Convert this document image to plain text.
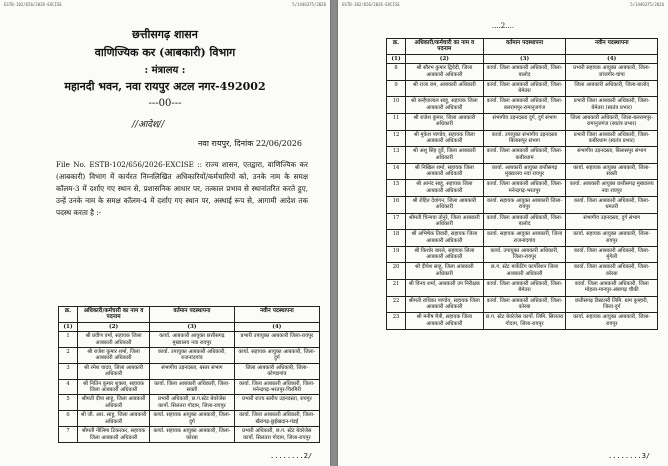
ESTB-102/656/2026-EXCISE	5/1446375/2026
छत्तीसगढ़ शासन
वाणिज्यिक कर (आबकारी) विभाग
: मंत्रालय :
महानदी भवन, नवा रायपुर अटल नगर-492002
---00---
//आदेश//
नवा रायपुर, दिनांक 22/06/2026
File No. ESTB-102/656/2026-EXCISE :: राज्य शासन, एतद्वारा, वाणिज्यिक कर (आबकारी) विभाग में कार्यरत निम्नलिखित अधिकारियों/कर्मचारियों को, उनके नाम के समक्ष कॉलम-3 में दर्शाए गए स्थान से, प्रशासनिक आधार पर, तत्काल प्रभाव से स्थानांतरित करते हुए, उन्हें उनके नाम के समक्ष कॉलम-4 में दर्शाए गए स्थान पर, अस्थाई रूप से, आगामी आदेश तक पदस्थ करता है :-
क्र.	अधिकारी/कर्मचारी का नाम व पदनाम	वर्तमान पदस्थापना	नवीन पदस्थापना
(1)	(2)	(3)	(4)
1	श्री प्रवीण वर्मा, सहायक जिला आबकारी अधिकारी	कार्या. आबकारी आयुक्त छत्तीसगढ़ मुख्यालय नवा रायपुर	प्रभारी उपायुक्त आबकारी जिला-रायपुर
2	श्री राजेश कुमार शर्मा, जिला आबकारी अधिकारी	कार्या. उपायुक्त आबकारी अधिकारी, राजनांदगांव	कार्या. सहायक आयुक्त आबकारी, जिला-दुर्ग
3	श्री रमेश यादव, जिला आबकारी अधिकारी	संभागीय उड़नदस्ता, बस्तर संभाग	जिला आबकारी अधिकारी, जिला-कोण्डागांव
4	श्री नितिन कुमार शुक्ला, सहायक जिला आबकारी अधिकारी	कार्या. जिला आबकारी अधिकारी, जिला-सक्ती	कार्या. जिला आबकारी अधिकारी, जिला-मनेन्द्रगढ़-भरतपुर-चिरमिरी
5	श्रीमती दीपा साहू, जिला आबकारी अधिकारी	प्रभारी अधिकारी, छ.ग.स्टेट बेवरेजेस कार्पो. सिलतरा गोदाम, जिला-रायपुर	प्रभारी राज्य स्तरीय उड़नदस्ता, रायपुर
6	श्री जी. आर. साहू, जिला आबकारी अधिकारी	कार्या. सहायक आयुक्त आबकारी, जिला-दुर्ग	कार्या. जिला आबकारी अधिकारी, जिला-खैरागढ़-छुईखदान-गंडई
7	श्रीमती नीलिमा टिकरकर, सहायक जिला आबकारी अधिकारी	कार्या. सहायक आयुक्त आबकारी, जिला-कोरबा	प्रभारी अधिकारी, छ.ग. स्टेट बेवरेजेस कार्पो. सिलतरा गोदाम, जिला-रायपुर
........2/
ESTB-102/656/2026-EXCISE	5/1446375/2026
....2....
क्र.	अधिकारी/कर्मचारी का नाम व पदनाम	वर्तमान पदस्थापना	नवीन पदस्थापना
(1)	(2)	(3)	(4)
8	श्री सौरभ कुमार द्विवेदी, जिला आबकारी अधिकारी	कार्या. जिला आबकारी अधिकारी, जिला-बालोद	प्रभारी सहायक आयुक्त आबकारी, जिला-जांजगीर-चांपा
9	श्री राजा राम, आबकारी अधिकारी	कार्या. जिला आबकारी अधिकारी, जिला-बेमेतरा	जिला आबकारी अधिकारी, जिला-बालोद
10	श्री कन्हैयालाल साहू, सहायक जिला आबकारी अधिकारी	कार्या. जिला आबकारी अधिकारी, जिला-बलरामपुर-रामानुजगंज	प्रभारी जिला आबकारी अधिकारी, जिला-बेमेतरा (स्वतंत्र प्रभार)
11	श्री राजेश कुमार, जिला आबकारी अधिकारी	संभागीय उड़नदस्ता दुर्ग, दुर्ग संभाग	जिला आबकारी अधिकारी, जिला-बलरामपुर-रामानुजगंज (स्वतंत्र प्रभार)
12	श्री मुकेश पाण्डेय, सहायक जिला आबकारी अधिकारी	कार्या. उपायुक्त संभागीय उड़नदस्ता बिलासपुर संभाग	प्रभारी जिला आबकारी अधिकारी, जिला-कबीरधाम (स्वतंत्र प्रभार)
13	श्री अंशु सिंह दुर्वे, जिला आबकारी अधिकारी	कार्या. जिला आबकारी अधिकारी, जिला-कबीरधाम	संभागीय उड़नदस्ता, बिलासपुर संभाग
14	श्री निखिल शर्मा, सहायक जिला आबकारी अधिकारी	कार्या. आबकारी आयुक्त छत्तीसगढ़ मुख्यालय नवा रायपुर	कार्या. सहायक आयुक्त आबकारी, जिला-सक्ती
15	श्री आनंद साहू, सहायक जिला आबकारी अधिकारी	कार्या. जिला आबकारी अधिकारी, जिला-मनेन्द्रगढ़-भरतपुर	कार्या. आबकारी आयुक्त छत्तीसगढ़ मुख्यालय नवा रायपुर
16	श्री रोहित देवांगन, जिला आबकारी अधिकारी	कार्या. सहायक आयुक्त आबकारी जिला-रायपुर	कार्या. जिला आबकारी अधिकारी, जिला-धमतरी
17	श्रीमती चिन्मया तोनुरे, जिला आबकारी अधिकारी	कार्या. जिला आबकारी अधिकारी, जिला-बालोद	संभागीय उड़नदस्ता, दुर्ग संभाग
18	श्री अभिषेक तिवारी, सहायक जिला आबकारी अधिकारी	कार्या. सहायक आयुक्त आबकारी, जिला राजनांदगांव	कार्या. सहायक आयुक्त आबकारी, जिला-रायपुर
19	श्री किशोर बारले, सहायक जिला आबकारी अधिकारी	कार्या. उपायुक्त आबकारी अधिकारी, जिला-रायपुर	कार्या. जिला आबकारी अधिकारी, जिला-मुंगेली
20	श्री दीपेश साहू, जिला आबकारी अधिकारी	छ.ग. स्टेट मार्केटिंग कार्पोरेशन जिला आबकारी अधिकारी	कार्या. जिला आबकारी अधिकारी, जिला-कोरबा
21	श्री विनय शर्मा, आबकारी उप निरीक्षक	कार्या. जिला आबकारी अधिकारी, जिला-बेमेतरा	कार्या. जिला आबकारी अधिकारी, जिला मोहला-मानपुर-अंबागढ़ चौकी
22	श्रीमती राधिका पाण्डेय, सहायक जिला आबकारी अधिकारी	कार्या. जिला आबकारी अधिकारी, जिला-कोरबा	छत्तीसगढ़ डिस्टलरी लिमि. ग्राम कुम्हारी, जिला-दुर्ग
23	श्री मनीष मैत्री, सहायक जिला आबकारी अधिकारी	छ.ग. स्टेट बेवरेजेस कार्पो. लिमि. सिलतरा गोदाम, जिला-रायपुर	कार्या. सहायक आयुक्त आबकारी, जिला-रायपुर
........3/
